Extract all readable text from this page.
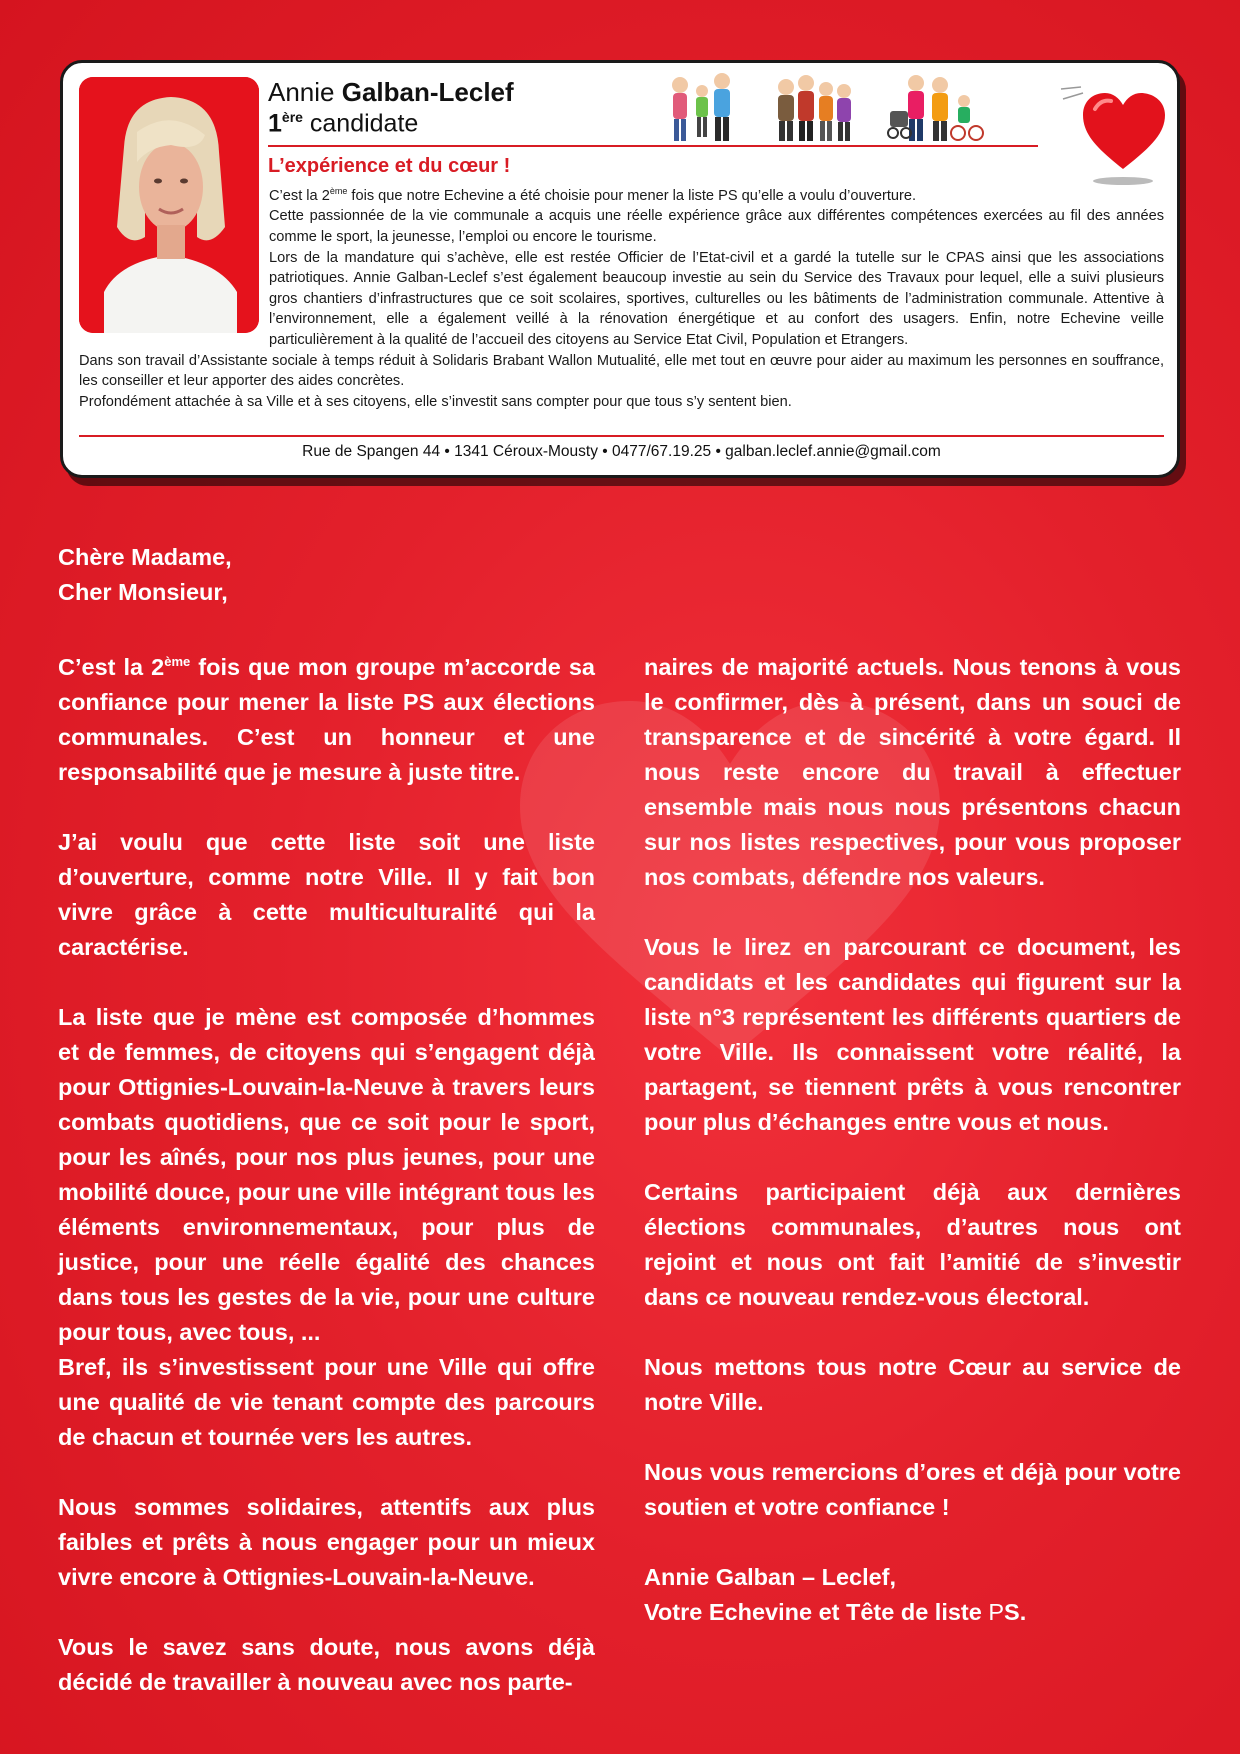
Annie Galban-Leclef
1ère candidate
L’expérience et du cœur !

C’est la 2ème fois que notre Echevine a été choisie pour mener la liste PS qu’elle a voulu d’ouverture.

Cette passionnée de la vie communale a acquis une réelle expérience grâce aux différentes compétences exercées au fil des années comme le sport, la jeunesse, l’emploi ou encore le tourisme.

Lors de la mandature qui s’achève, elle est restée Officier de l’Etat-civil et a gardé la tutelle sur le CPAS ainsi que les associations patriotiques. Annie Galban-Leclef s’est également beaucoup investie au sein du Service des Travaux pour lequel, elle a suivi plusieurs gros chantiers d’infrastructures que ce soit scolaires, sportives, culturelles ou les bâtiments de l’administration communale. Attentive à l’environnement, elle a également veillé à la rénovation énergétique et au confort des usagers. Enfin, notre Echevine veille particulièrement à la qualité de l’accueil des citoyens au Service Etat Civil, Population et Etrangers.

Dans son travail d’Assistante sociale à temps réduit à Solidaris Brabant Wallon Mutualité, elle met tout en œuvre pour aider au maximum les personnes en souffrance, les conseiller et leur apporter des aides concrètes.

Profondément attachée à sa Ville et à ses citoyens, elle s’investit sans compter pour que tous s’y sentent bien.

Rue de Spangen 44 • 1341 Céroux-Mousty • 0477/67.19.25 • galban.leclef.annie@gmail.com
Chère Madame,
Cher Monsieur,

C’est la 2ème fois que mon groupe m’accorde sa confiance pour mener la liste PS aux élections communales. C’est un honneur et une responsabilité que je mesure à juste titre.

J’ai voulu que cette liste soit une liste d’ouverture, comme notre Ville. Il y fait bon vivre grâce à cette multiculturalité qui la caractérise.

La liste que je mène est composée d’hommes et de femmes, de citoyens qui s’engagent déjà pour Ottignies-Louvain-la-Neuve à travers leurs combats quotidiens, que ce soit pour le sport, pour les aînés, pour nos plus jeunes, pour une mobilité douce, pour une ville intégrant tous les éléments environnementaux, pour plus de justice, pour une réelle égalité des chances dans tous les gestes de la vie, pour une culture pour tous, avec tous, ...

Bref, ils s’investissent pour une Ville qui offre une qualité de vie tenant compte des parcours de chacun et tournée vers les autres.

Nous sommes solidaires, attentifs aux plus faibles et prêts à nous engager pour un mieux vivre encore à Ottignies-Louvain-la-Neuve.

Vous le savez sans doute, nous avons déjà décidé de travailler à nouveau avec nos parte-

naires de majorité actuels. Nous tenons à vous le confirmer, dès à présent, dans un souci de transparence et de sincérité à votre égard. Il nous reste encore du travail à effectuer ensemble mais nous nous présentons chacun sur nos listes respectives, pour vous proposer nos combats, défendre nos valeurs.

Vous le lirez en parcourant ce document, les candidats et les candidates qui figurent sur la liste n°3 représentent les différents quartiers de votre Ville. Ils connaissent votre réalité, la partagent, se tiennent prêts à vous rencontrer pour plus d’échanges entre vous et nous.

Certains participaient déjà aux dernières élections communales, d’autres nous ont rejoint et nous ont fait l’amitié de s’investir dans ce nouveau rendez-vous électoral.

Nous mettons tous notre Cœur au service de notre Ville.

Nous vous remercions d’ores et déjà pour votre soutien et votre confiance !

Annie Galban – Leclef,
Votre Echevine et Tête de liste PS.
